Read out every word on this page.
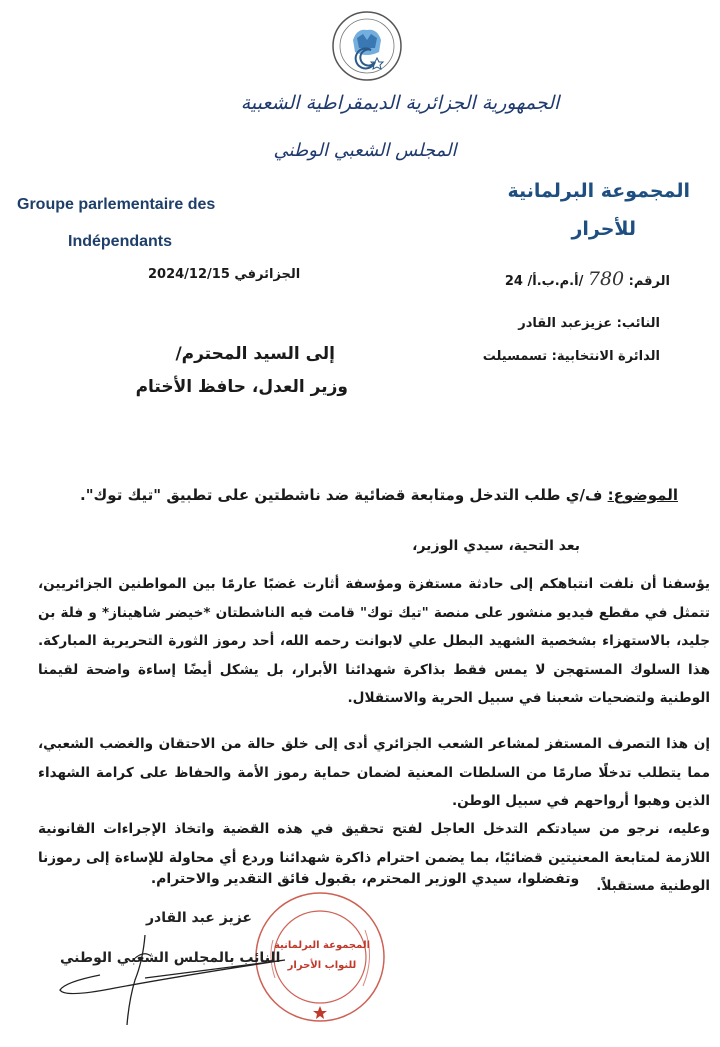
الجمهورية الجزائرية الديمقراطية الشعبية
المجلس الشعبي الوطني
Groupe parlementaire des
Indépendants
المجموعة البرلمانية
للأحرار
الجزائرفي 2024/12/15	الرقم: 780 /أ.م.ب.أ/ 24
النائب: عزيزعبد القادر
الدائرة الانتخابية: تسمسيلت
إلى السيد المحترم/
وزير العدل، حافظ الأختام
الموضوع: ف/ي طلب التدخل ومتابعة قضائية ضد ناشطتين على تطبيق "تيك توك".
بعد التحية، سيدي الوزير،
يؤسفنا أن نلفت انتباهكم إلى حادثة مستفزة ومؤسفة أثارت غضبًا عارمًا بين المواطنين الجزائريين، تتمثل في مقطع فيديو منشور على منصة "تيك توك" قامت فيه الناشطتان *خيضر شاهيناز* و فلة بن جليد، بالاستهزاء بشخصية الشهيد البطل علي لابوانت رحمه الله، أحد رموز الثورة التحريرية المباركة. هذا السلوك المستهجن لا يمس فقط بذاكرة شهدائنا الأبرار، بل يشكل أيضًا إساءة واضحة لقيمنا الوطنية ولتضحيات شعبنا في سبيل الحرية والاستقلال.
إن هذا التصرف المستفز لمشاعر الشعب الجزائري أدى إلى خلق حالة من الاحتقان والغضب الشعبي، مما يتطلب تدخلًا صارمًا من السلطات المعنية لضمان حماية رموز الأمة والحفاظ على كرامة الشهداء الذين وهبوا أرواحهم في سبيل الوطن.
وعليه، نرجو من سيادتكم التدخل العاجل لفتح تحقيق في هذه القضية واتخاذ الإجراءات القانونية اللازمة لمتابعة المعنيتين قضائيًا، بما يضمن احترام ذاكرة شهدائنا وردع أي محاولة للإساءة إلى رموزنا الوطنية مستقبلاً.
وتفضلوا، سيدي الوزير المحترم، بقبول فائق التقدير والاحترام.
المجموعة البرلمانية
للنواب الأحرار
عزيز عبد القادر
النائب بالمجلس الشعبي الوطني
